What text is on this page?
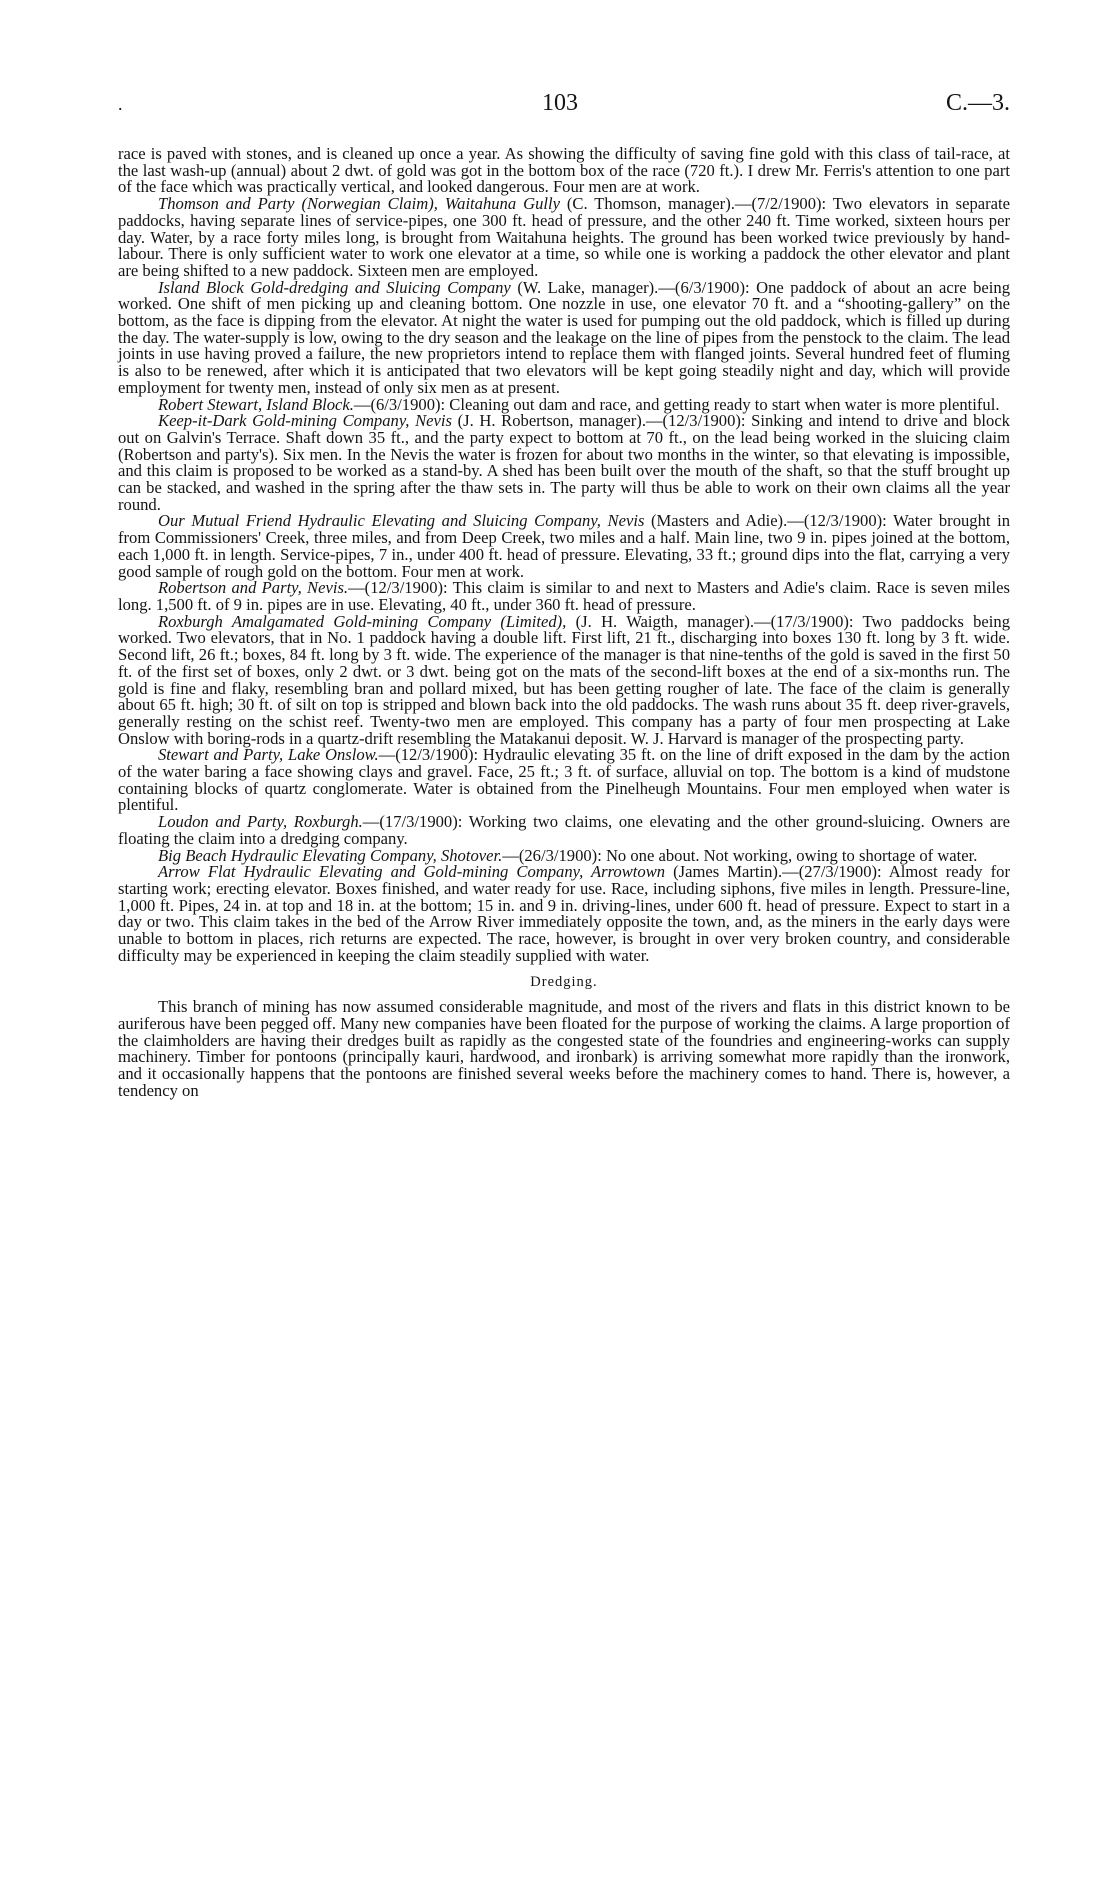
.	103	C.—3.

race is paved with stones, and is cleaned up once a year. As showing the difficulty of saving fine gold with this class of tail-race, at the last wash-up (annual) about 2 dwt. of gold was got in the bottom box of the race (720 ft.). I drew Mr. Ferris's attention to one part of the face which was practically vertical, and looked dangerous. Four men are at work.

Thomson and Party (Norwegian Claim), Waitahuna Gully (C. Thomson, manager).—(7/2/1900): Two elevators in separate paddocks, having separate lines of service-pipes, one 300 ft. head of pressure, and the other 240 ft. Time worked, sixteen hours per day. Water, by a race forty miles long, is brought from Waitahuna heights. The ground has been worked twice previously by hand-labour. There is only sufficient water to work one elevator at a time, so while one is working a paddock the other elevator and plant are being shifted to a new paddock. Sixteen men are employed.

Island Block Gold-dredging and Sluicing Company (W. Lake, manager).—(6/3/1900): One paddock of about an acre being worked. One shift of men picking up and cleaning bottom. One nozzle in use, one elevator 70 ft. and a “shooting-gallery” on the bottom, as the face is dipping from the elevator. At night the water is used for pumping out the old paddock, which is filled up during the day. The water-supply is low, owing to the dry season and the leakage on the line of pipes from the penstock to the claim. The lead joints in use having proved a failure, the new proprietors intend to replace them with flanged joints. Several hundred feet of fluming is also to be renewed, after which it is anticipated that two elevators will be kept going steadily night and day, which will provide employment for twenty men, instead of only six men as at present.

Robert Stewart, Island Block.—(6/3/1900): Cleaning out dam and race, and getting ready to start when water is more plentiful.

Keep-it-Dark Gold-mining Company, Nevis (J. H. Robertson, manager).—(12/3/1900): Sinking and intend to drive and block out on Galvin's Terrace. Shaft down 35 ft., and the party expect to bottom at 70 ft., on the lead being worked in the sluicing claim (Robertson and party's). Six men. In the Nevis the water is frozen for about two months in the winter, so that elevating is impossible, and this claim is proposed to be worked as a stand-by. A shed has been built over the mouth of the shaft, so that the stuff brought up can be stacked, and washed in the spring after the thaw sets in. The party will thus be able to work on their own claims all the year round.

Our Mutual Friend Hydraulic Elevating and Sluicing Company, Nevis (Masters and Adie).—(12/3/1900): Water brought in from Commissioners' Creek, three miles, and from Deep Creek, two miles and a half. Main line, two 9 in. pipes joined at the bottom, each 1,000 ft. in length. Service-pipes, 7 in., under 400 ft. head of pressure. Elevating, 33 ft.; ground dips into the flat, carrying a very good sample of rough gold on the bottom. Four men at work.

Robertson and Party, Nevis.—(12/3/1900): This claim is similar to and next to Masters and Adie's claim. Race is seven miles long. 1,500 ft. of 9 in. pipes are in use. Elevating, 40 ft., under 360 ft. head of pressure.

Roxburgh Amalgamated Gold-mining Company (Limited), (J. H. Waigth, manager).—(17/3/1900): Two paddocks being worked. Two elevators, that in No. 1 paddock having a double lift. First lift, 21 ft., discharging into boxes 130 ft. long by 3 ft. wide. Second lift, 26 ft.; boxes, 84 ft. long by 3 ft. wide. The experience of the manager is that nine-tenths of the gold is saved in the first 50 ft. of the first set of boxes, only 2 dwt. or 3 dwt. being got on the mats of the second-lift boxes at the end of a six-months run. The gold is fine and flaky, resembling bran and pollard mixed, but has been getting rougher of late. The face of the claim is generally about 65 ft. high; 30 ft. of silt on top is stripped and blown back into the old paddocks. The wash runs about 35 ft. deep river-gravels, generally resting on the schist reef. Twenty-two men are employed. This company has a party of four men prospecting at Lake Onslow with boring-rods in a quartz-drift resembling the Matakanui deposit. W. J. Harvard is manager of the prospecting party.

Stewart and Party, Lake Onslow.—(12/3/1900): Hydraulic elevating 35 ft. on the line of drift exposed in the dam by the action of the water baring a face showing clays and gravel. Face, 25 ft.; 3 ft. of surface, alluvial on top. The bottom is a kind of mudstone containing blocks of quartz conglomerate. Water is obtained from the Pinelheugh Mountains. Four men employed when water is plentiful.

Loudon and Party, Roxburgh.—(17/3/1900): Working two claims, one elevating and the other ground-sluicing. Owners are floating the claim into a dredging company.

Big Beach Hydraulic Elevating Company, Shotover.—(26/3/1900): No one about. Not working, owing to shortage of water.

Arrow Flat Hydraulic Elevating and Gold-mining Company, Arrowtown (James Martin).—(27/3/1900): Almost ready for starting work; erecting elevator. Boxes finished, and water ready for use. Race, including siphons, five miles in length. Pressure-line, 1,000 ft. Pipes, 24 in. at top and 18 in. at the bottom; 15 in. and 9 in. driving-lines, under 600 ft. head of pressure. Expect to start in a day or two. This claim takes in the bed of the Arrow River immediately opposite the town, and, as the miners in the early days were unable to bottom in places, rich returns are expected. The race, however, is brought in over very broken country, and considerable difficulty may be experienced in keeping the claim steadily supplied with water.

Dredging.

This branch of mining has now assumed considerable magnitude, and most of the rivers and flats in this district known to be auriferous have been pegged off. Many new companies have been floated for the purpose of working the claims. A large proportion of the claimholders are having their dredges built as rapidly as the congested state of the foundries and engineering-works can supply machinery. Timber for pontoons (principally kauri, hardwood, and ironbark) is arriving somewhat more rapidly than the ironwork, and it occasionally happens that the pontoons are finished several weeks before the machinery comes to hand. There is, however, a tendency on
